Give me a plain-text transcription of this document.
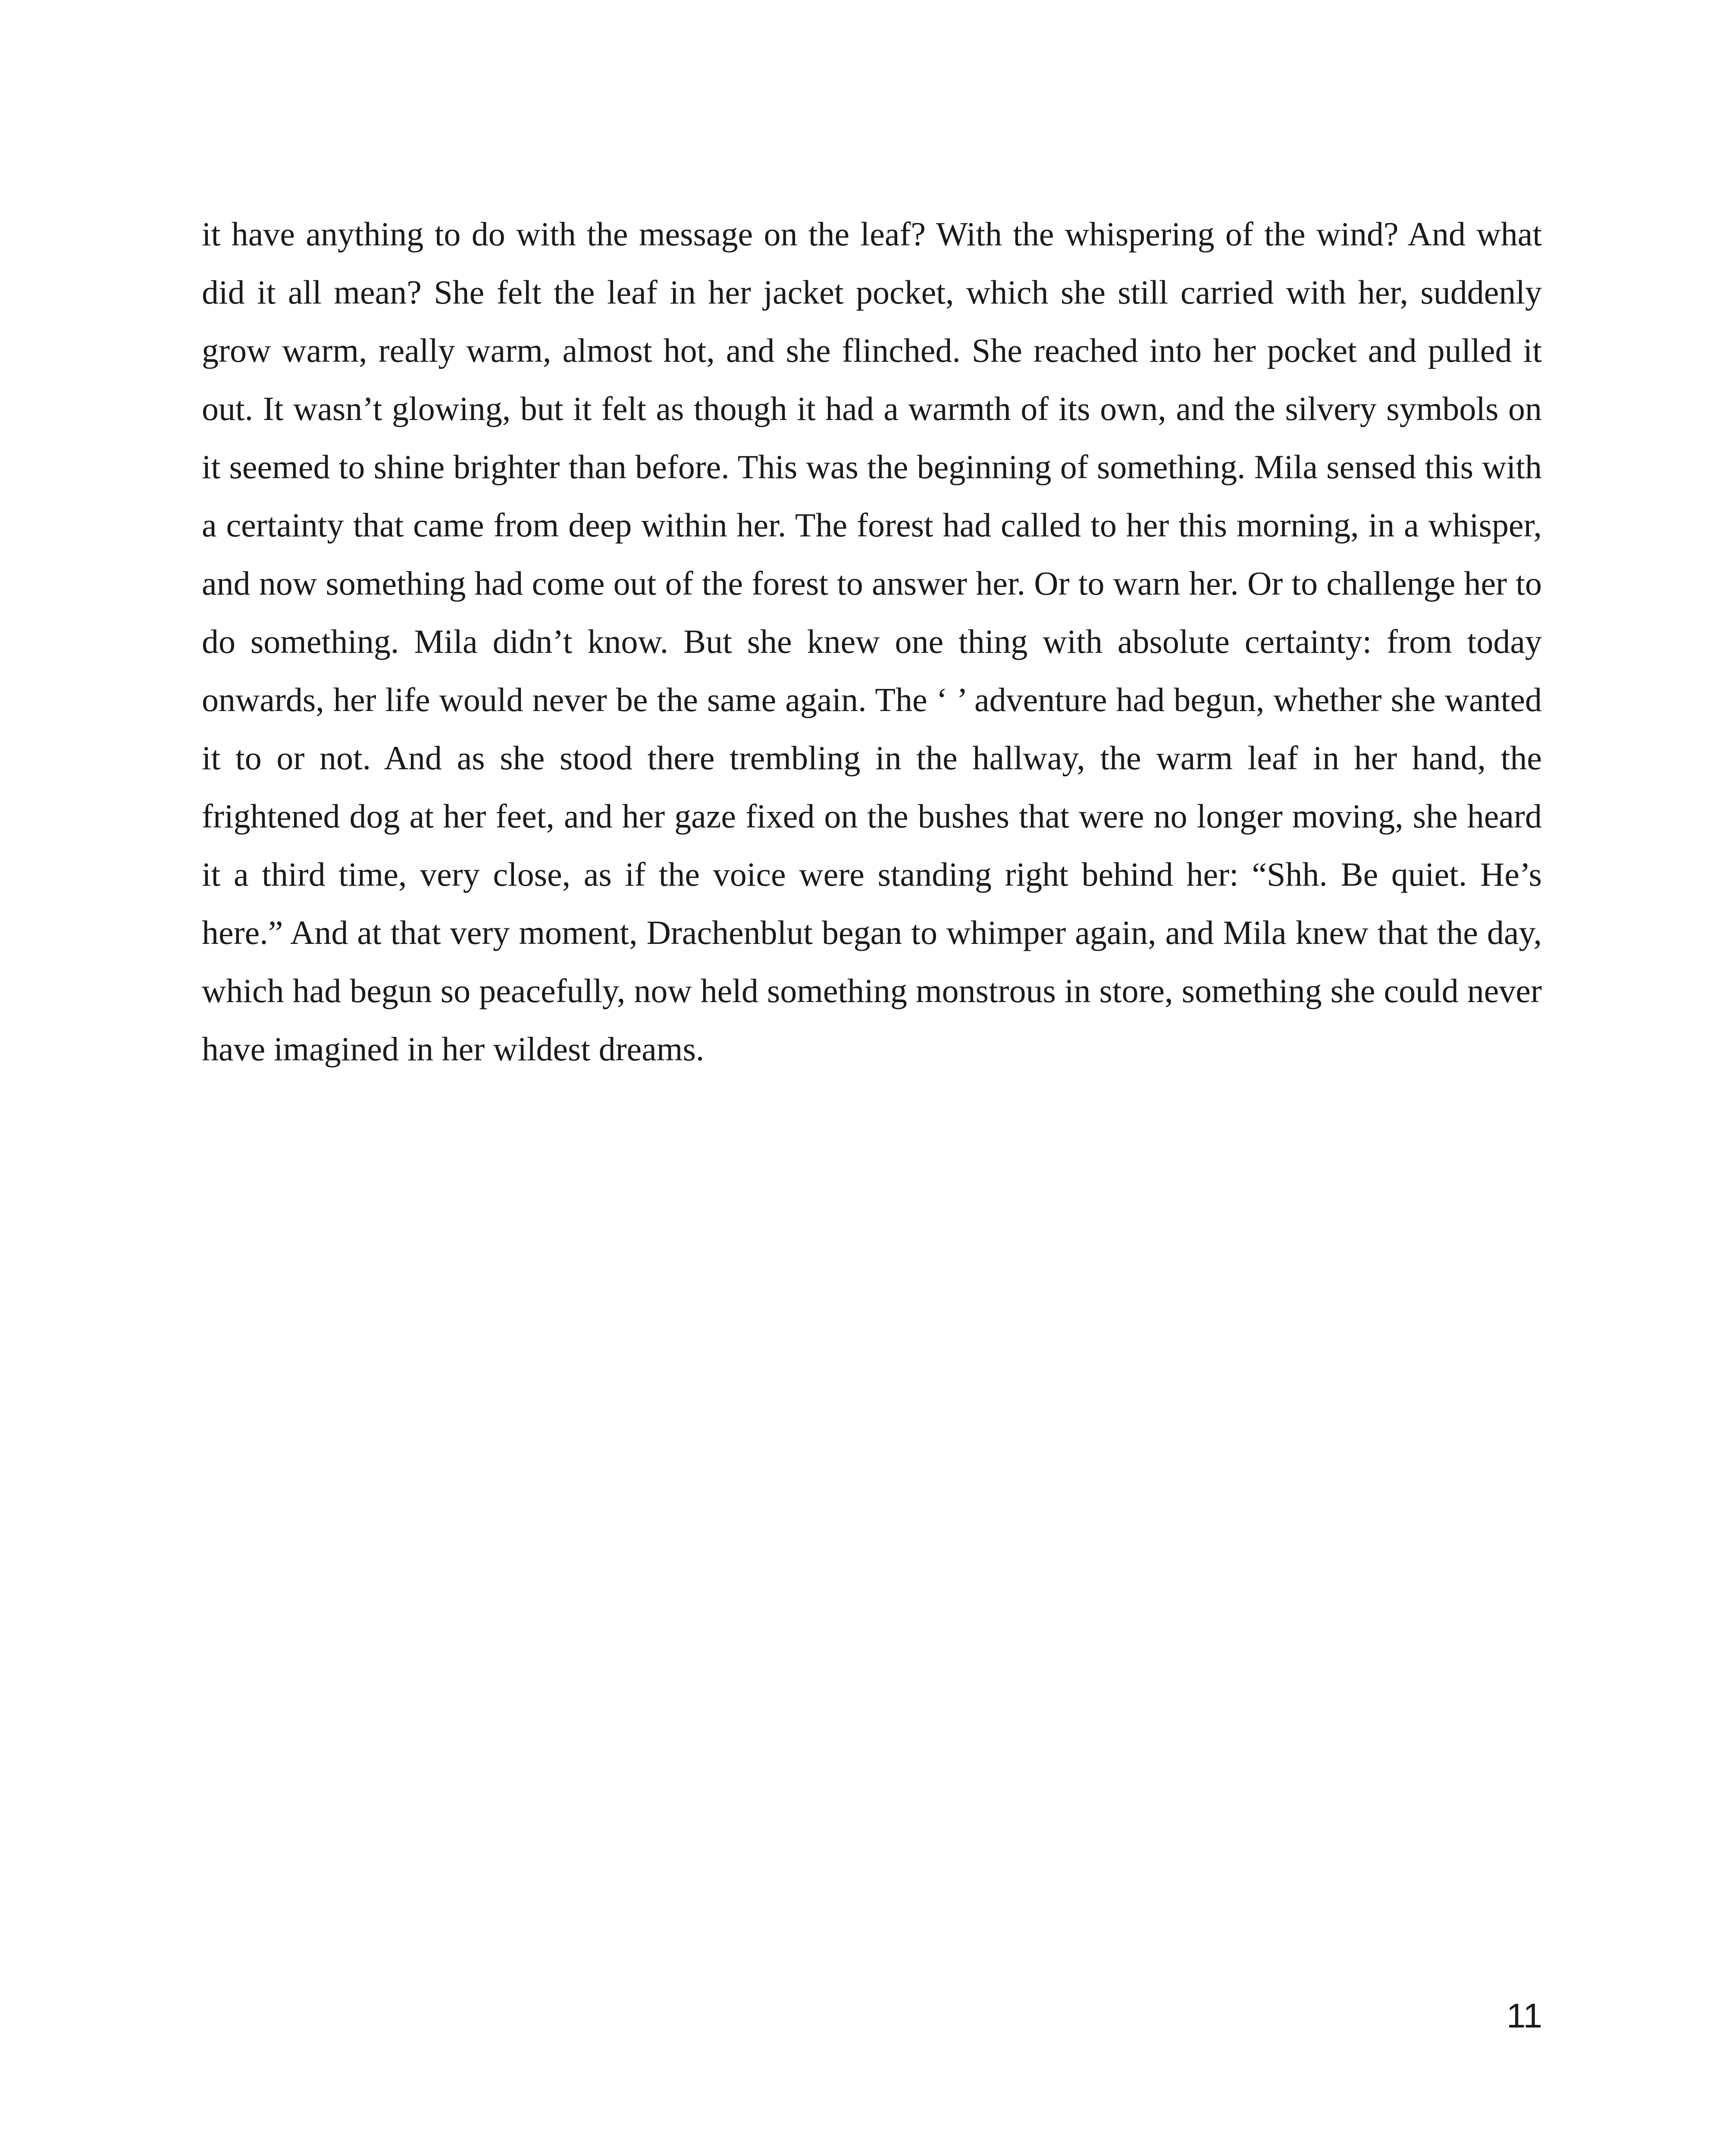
it have anything to do with the message on the leaf? With the whispering of the wind? And what did it all mean? She felt the leaf in her jacket pocket, which she still carried with her, suddenly grow warm, really warm, almost hot, and she flinched. She reached into her pocket and pulled it out. It wasn’t glowing, but it felt as though it had a warmth of its own, and the silvery symbols on it seemed to shine brighter than before. This was the beginning of something. Mila sensed this with a certainty that came from deep within her. The forest had called to her this morning, in a whisper, and now something had come out of the forest to answer her. Or to warn her. Or to challenge her to do something. Mila didn’t know. But she knew one thing with absolute certainty: from today onwards, her life would never be the same again. The ‘ ’ adventure had begun, whether she wanted it to or not. And as she stood there trembling in the hallway, the warm leaf in her hand, the frightened dog at her feet, and her gaze fixed on the bushes that were no longer moving, she heard it a third time, very close, as if the voice were standing right behind her: “Shh. Be quiet. He’s here.” And at that very moment, Drachenblut began to whimper again, and Mila knew that the day, which had begun so peacefully, now held something monstrous in store, something she could never have imagined in her wildest dreams.

11
